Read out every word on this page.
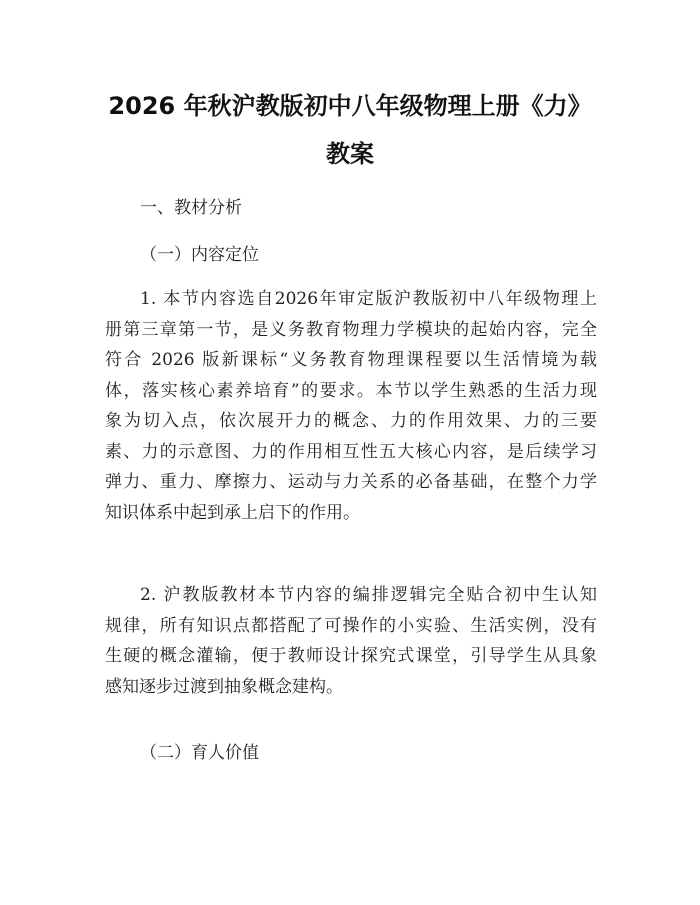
2026 年秋沪教版初中八年级物理上册《力》
教案
一、教材分析
（一）内容定位
1. 本节内容选自2026年审定版沪教版初中八年级物理上
册第三章第一节，是义务教育物理力学模块的起始内容，完全
符合 2026 版新课标“义务教育物理课程要以生活情境为载
体，落实核心素养培育”的要求。本节以学生熟悉的生活力现
象为切入点，依次展开力的概念、力的作用效果、力的三要
素、力的示意图、力的作用相互性五大核心内容，是后续学习
弹力、重力、摩擦力、运动与力关系的必备基础，在整个力学
知识体系中起到承上启下的作用。
2. 沪教版教材本节内容的编排逻辑完全贴合初中生认知
规律，所有知识点都搭配了可操作的小实验、生活实例，没有
生硬的概念灌输，便于教师设计探究式课堂，引导学生从具象
感知逐步过渡到抽象概念建构。
（二）育人价值
